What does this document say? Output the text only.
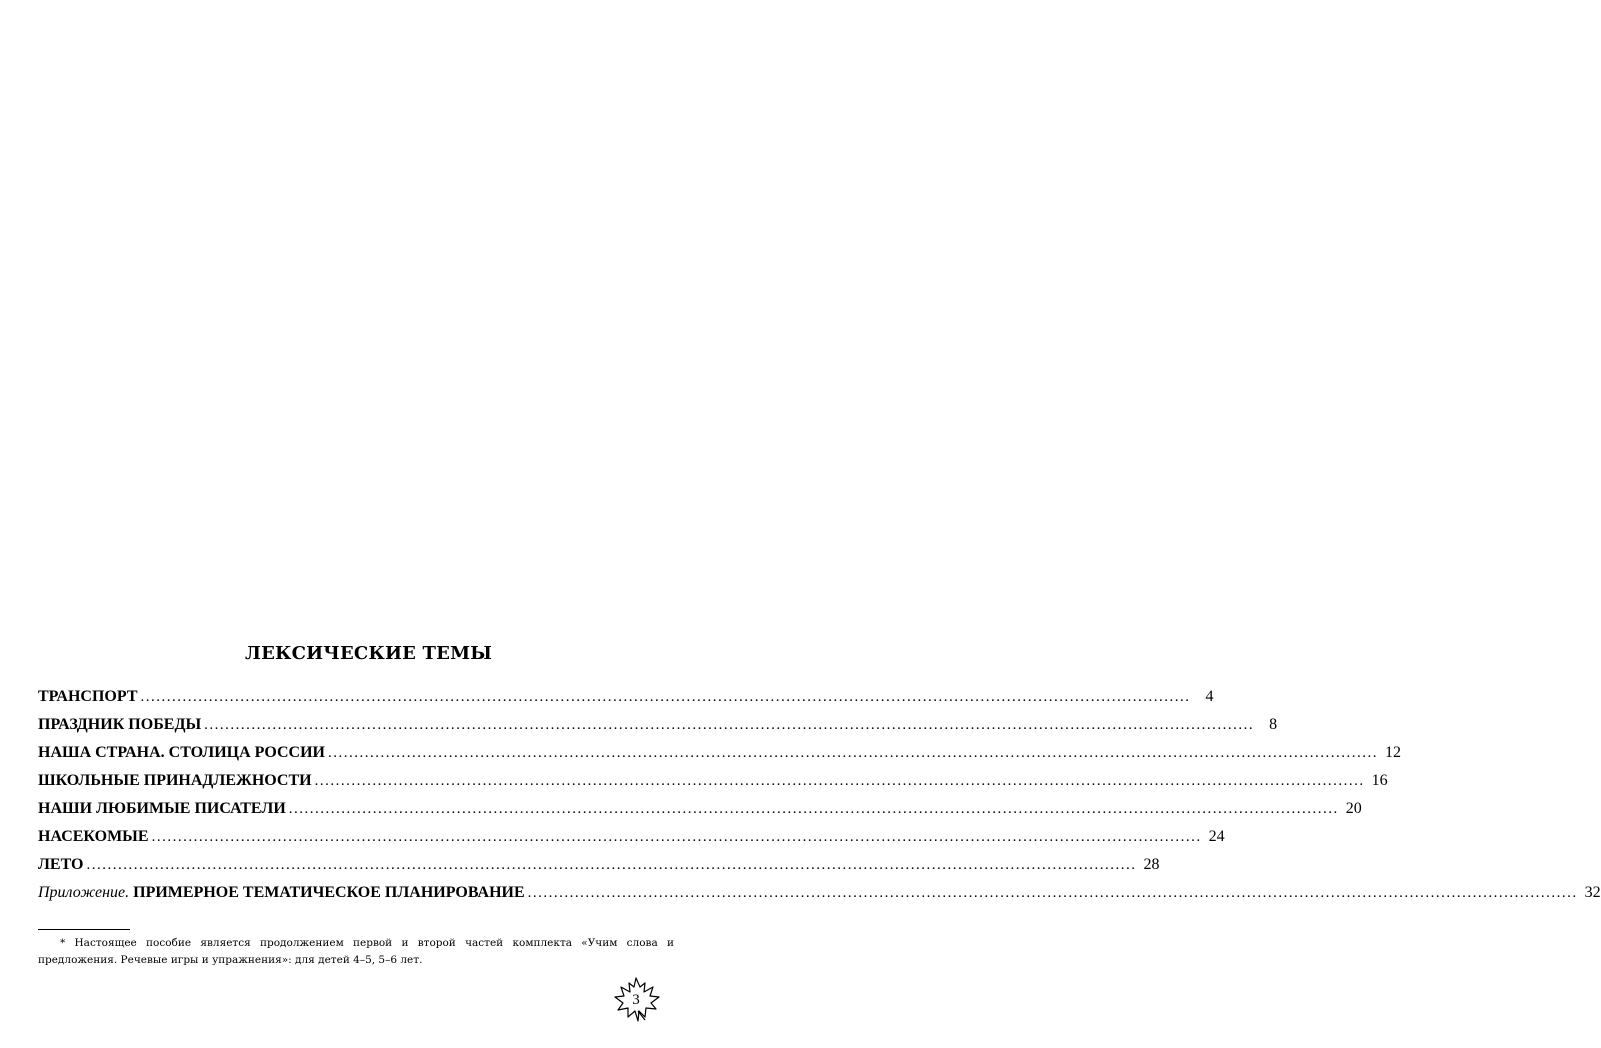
ЛЕКСИЧЕСКИЕ ТЕМЫ
ТРАНСПОРТ ........................................................................................................................................................................................................ 4
ПРАЗДНИК ПОБЕДЫ ........................................................................................................................................................................................................ 8
НАША СТРАНА. СТОЛИЦА РОССИИ ........................................................................................................................................................................................................ 12
ШКОЛЬНЫЕ ПРИНАДЛЕЖНОСТИ ........................................................................................................................................................................................................ 16
НАШИ ЛЮБИМЫЕ ПИСАТЕЛИ ........................................................................................................................................................................................................ 20
НАСЕКОМЫЕ ........................................................................................................................................................................................................ 24
ЛЕТО ........................................................................................................................................................................................................ 28
Приложение. ПРИМЕРНОЕ ТЕМАТИЧЕСКОЕ ПЛАНИРОВАНИЕ ........................................................................................................................................................................................................ 32
* Настоящее пособие является продолжением первой и второй частей комплекта «Учим слова и предложения. Речевые игры и упражнения»: для детей 4–5, 5–6 лет.
3
